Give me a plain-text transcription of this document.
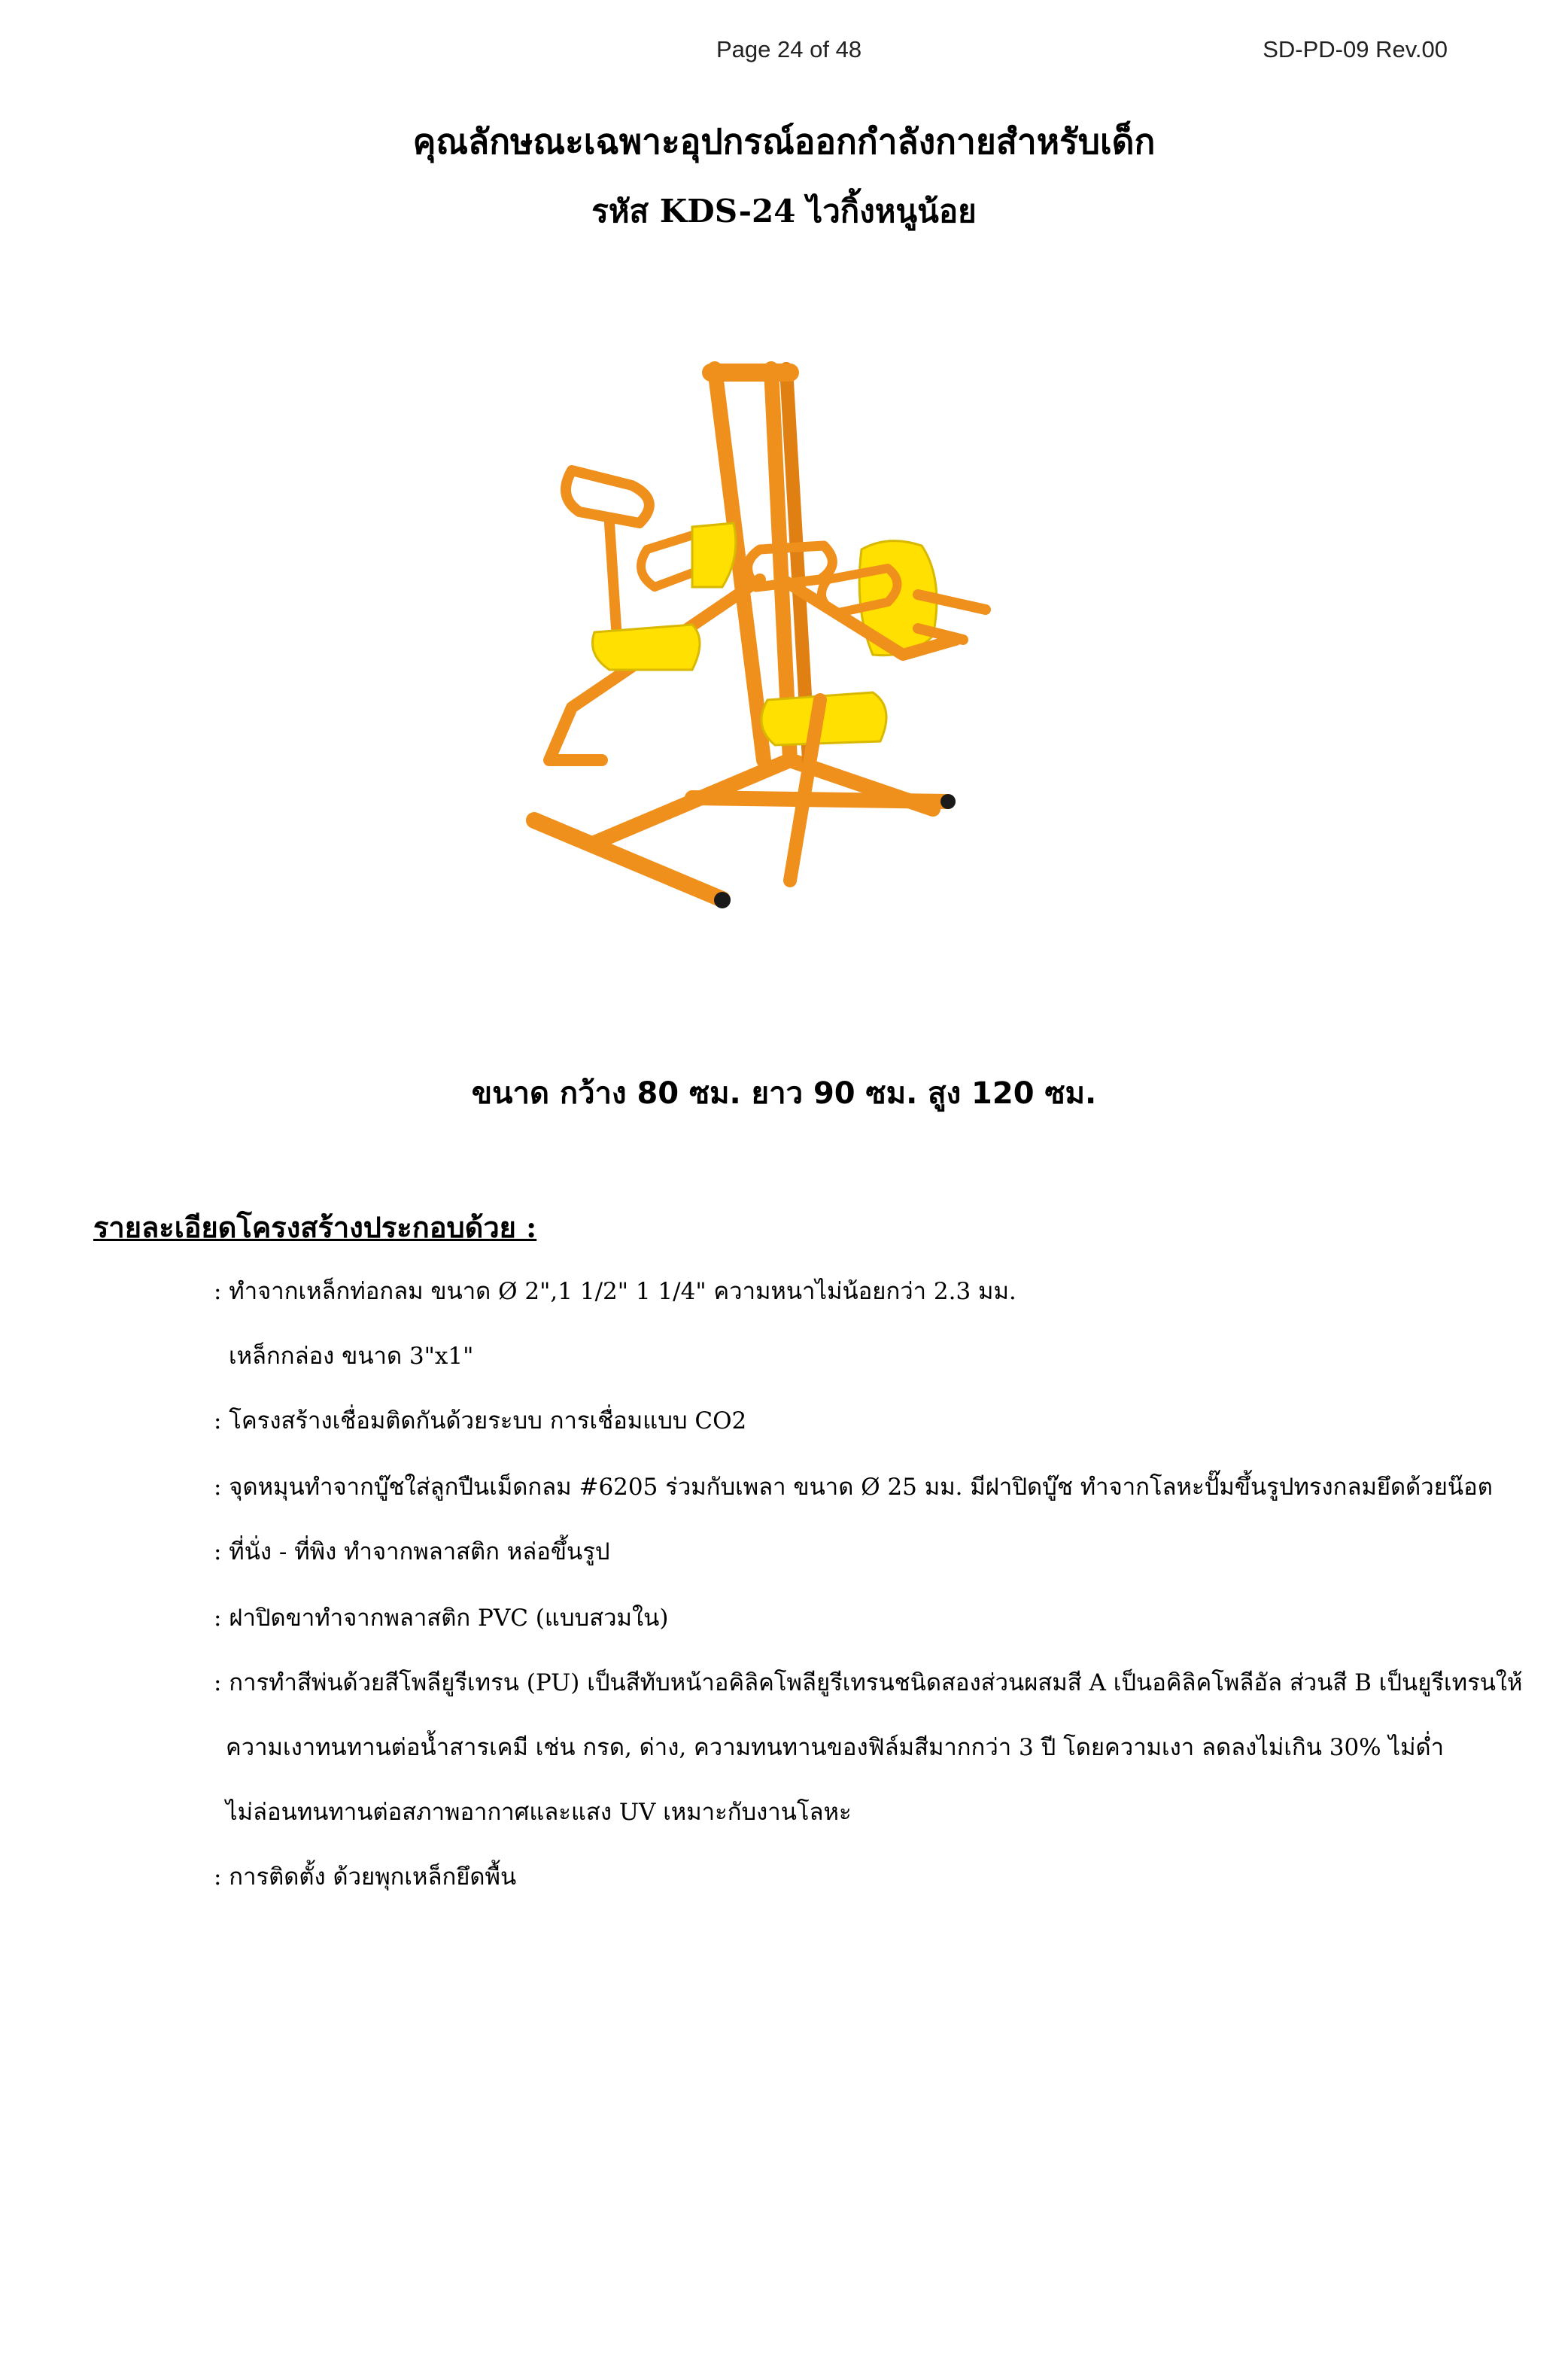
Page 24 of 48	SD-PD-09 Rev.00
คุณลักษณะเฉพาะอุปกรณ์ออกกำลังกายสำหรับเด็ก
รหัส KDS-24 ไวกิ้งหนูน้อย
ขนาด กว้าง 80 ซม. ยาว 90 ซม. สูง 120 ซม.
รายละเอียดโครงสร้างประกอบด้วย :
: ทำจากเหล็กท่อกลม ขนาด Ø 2",1 1/2" 1 1/4" ความหนาไม่น้อยกว่า 2.3 มม.
เหล็กกล่อง ขนาด 3"x1"
: โครงสร้างเชื่อมติดกันด้วยระบบ การเชื่อมแบบ CO2
: จุดหมุนทำจากบู๊ชใส่ลูกปืนเม็ดกลม #6205 ร่วมกับเพลา ขนาด Ø 25 มม. มีฝาปิดบู๊ช ทำจากโลหะปั๊มขึ้นรูปทรงกลมยึดด้วยน๊อต
: ที่นั่ง - ที่พิง ทำจากพลาสติก หล่อขึ้นรูป
: ฝาปิดขาทำจากพลาสติก PVC (แบบสวมใน)
: การทำสีพ่นด้วยสีโพลียูรีเทรน (PU) เป็นสีทับหน้าอคิลิคโพลียูรีเทรนชนิดสองส่วนผสมสี A เป็นอคิลิคโพลีอัล ส่วนสี B เป็นยูรีเทรนให้
ความเงาทนทานต่อน้ำสารเคมี เช่น กรด, ด่าง, ความทนทานของฟิล์มสีมากกว่า 3 ปี โดยความเงา ลดลงไม่เกิน 30% ไม่ด่ำ
ไม่ล่อนทนทานต่อสภาพอากาศและแสง UV เหมาะกับงานโลหะ
: การติดตั้ง ด้วยพุกเหล็กยึดพื้น
